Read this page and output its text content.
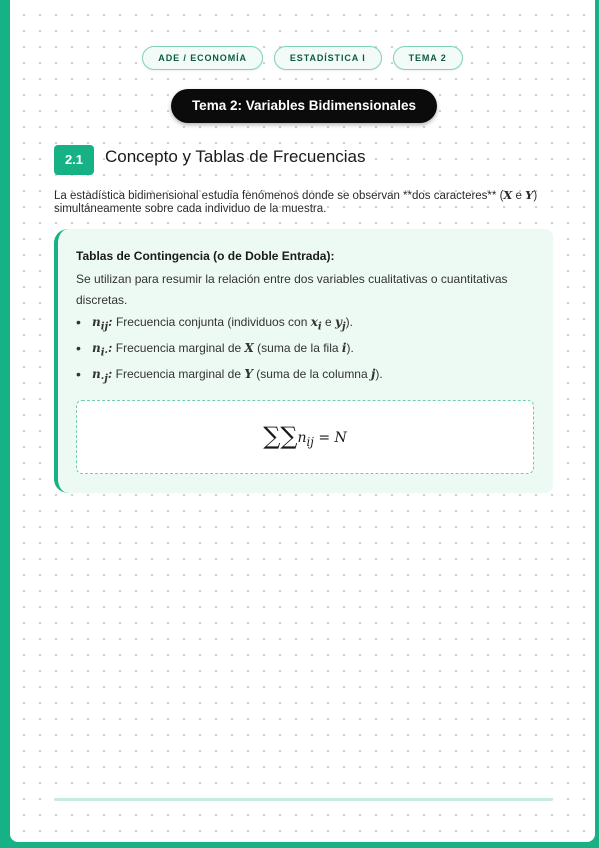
ADE / ECONOMÍA	ESTADÍSTICA I	TEMA 2
Tema 2: Variables Bidimensionales
2.1	Concepto y Tablas de Frecuencias
La estadística bidimensional estudia fenómenos donde se observan **dos caracteres** (X e Y) simultáneamente sobre cada individuo de la muestra.
Tablas de Contingencia (o de Doble Entrada):
Se utilizan para resumir la relación entre dos variables cualitativas o cuantitativas discretas.
• $n_{ij}$: Frecuencia conjunta (individuos con $x_i$ e $y_j$).
• $n_{i\cdot}$: Frecuencia marginal de X (suma de la fila i).
• $n_{\cdot j}$: Frecuencia marginal de Y (suma de la columna j).
$\sum\sum n_{ij} = N$
